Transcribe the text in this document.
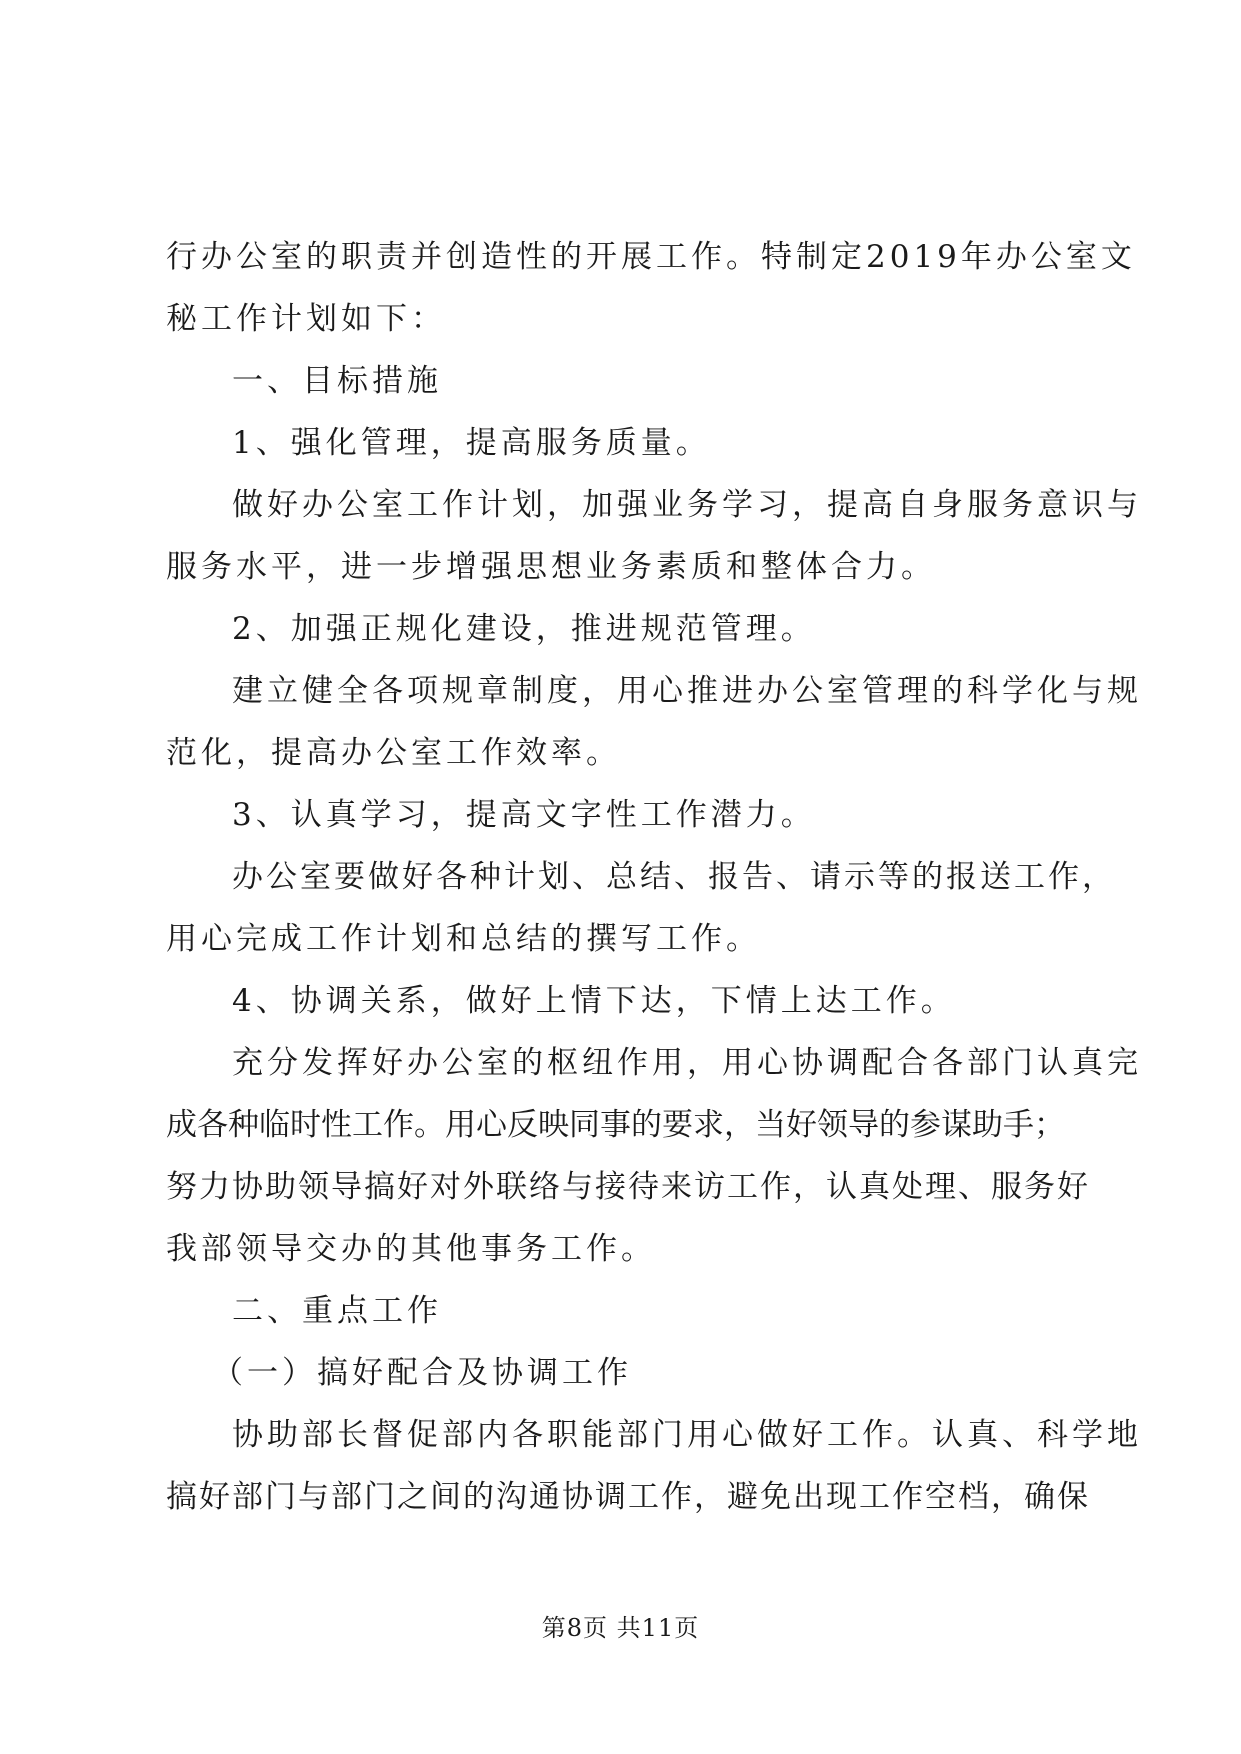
行办公室的职责并创造性的开展工作。特制定2019年办公室文
秘工作计划如下：
一、目标措施
1、强化管理，提高服务质量。
做好办公室工作计划，加强业务学习，提高自身服务意识与
服务水平，进一步增强思想业务素质和整体合力。
2、加强正规化建设，推进规范管理。
建立健全各项规章制度，用心推进办公室管理的科学化与规
范化，提高办公室工作效率。
3、认真学习，提高文字性工作潜力。
办公室要做好各种计划、总结、报告、请示等的报送工作，
用心完成工作计划和总结的撰写工作。
4、协调关系，做好上情下达，下情上达工作。
充分发挥好办公室的枢纽作用，用心协调配合各部门认真完
成各种临时性工作。用心反映同事的要求，当好领导的参谋助手；
努力协助领导搞好对外联络与接待来访工作，认真处理、服务好
我部领导交办的其他事务工作。
二、重点工作
（一）搞好配合及协调工作
协助部长督促部内各职能部门用心做好工作。认真、科学地
搞好部门与部门之间的沟通协调工作，避免出现工作空档，确保
第8页 共11页
